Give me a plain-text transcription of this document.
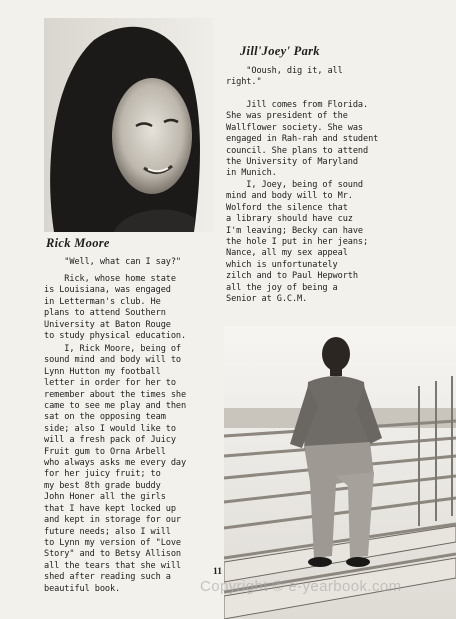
Jill'Joey' Park

"Ooush, dig it, all
right."

Jill comes from Florida.
She was president of the
Wallflower society. She was
engaged in Rah-rah and student
council. She plans to attend
the University of Maryland
in Munich.

I, Joey, being of sound
mind and body will to Mr.
Wolford the silence that
a library should have cuz
I'm leaving; Becky can have
the hole I put in her jeans;
Nance, all my sex appeal
which is unfortunately
zilch and to Paul Hepworth
all the joy of being a
Senior at G.C.M.

Rick Moore

"Well, what can I say?"

Rick, whose home state
is Louisiana, was engaged
in Letterman's club. He
plans to attend Southern
University at Baton Rouge
to study physical education.

I, Rick Moore, being of
sound mind and body will to
Lynn Hutton my football
letter in order for her to
remember about the times she
came to see me play and then
sat on the opposing team
side; also I would like to
will a fresh pack of Juicy
Fruit gum to Orna Arbell
who always asks me every day
for her juicy fruit; to
my best 8th grade buddy
John Honer all the girls
that I have kept locked up
and kept in storage for our
future needs; also I will
to Lynn my version of "Love
Story" and to Betsy Allison
all the tears that she will
shed after reading such a
beautiful book.

11
Copyright © e-yearbook.com
